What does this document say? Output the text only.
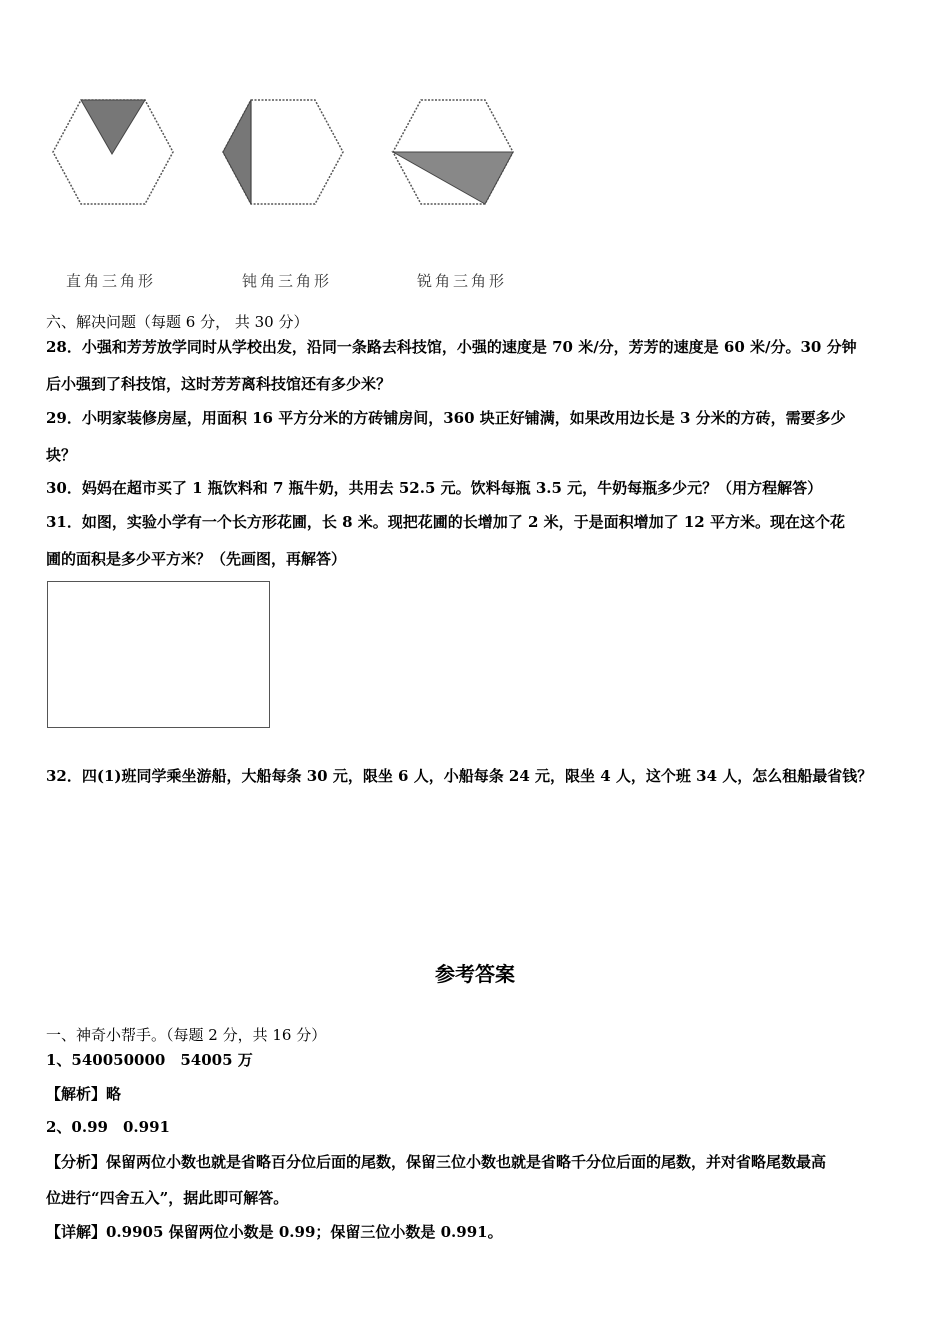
直角三角形	钝角三角形	锐角三角形
六、解决问题（每题 6 分， 共 30 分）
28．小强和芳芳放学同时从学校出发，沿同一条路去科技馆，小强的速度是 70 米/分，芳芳的速度是 60 米/分。30 分钟
后小强到了科技馆，这时芳芳离科技馆还有多少米？
29．小明家装修房屋，用面积 16 平方分米的方砖铺房间，360 块正好铺满，如果改用边长是 3 分米的方砖，需要多少
块？
30．妈妈在超市买了 1 瓶饮料和 7 瓶牛奶，共用去 52.5 元。饮料每瓶 3.5 元，牛奶每瓶多少元？（用方程解答）
31．如图，实验小学有一个长方形花圃，长 8 米。现把花圃的长增加了 2 米，于是面积增加了 12 平方米。现在这个花
圃的面积是多少平方米？（先画图，再解答）
32．四(1)班同学乘坐游船，大船每条 30 元，限坐 6 人，小船每条 24 元，限坐 4 人，这个班 34 人，怎么租船最省钱？
参考答案
一、神奇小帮手。（每题 2 分，共 16 分）
1、540050000　54005 万
【解析】略
2、0.99　0.991
【分析】保留两位小数也就是省略百分位后面的尾数，保留三位小数也就是省略千分位后面的尾数，并对省略尾数最高
位进行“四舍五入”，据此即可解答。
【详解】0.9905 保留两位小数是 0.99；保留三位小数是 0.991。
